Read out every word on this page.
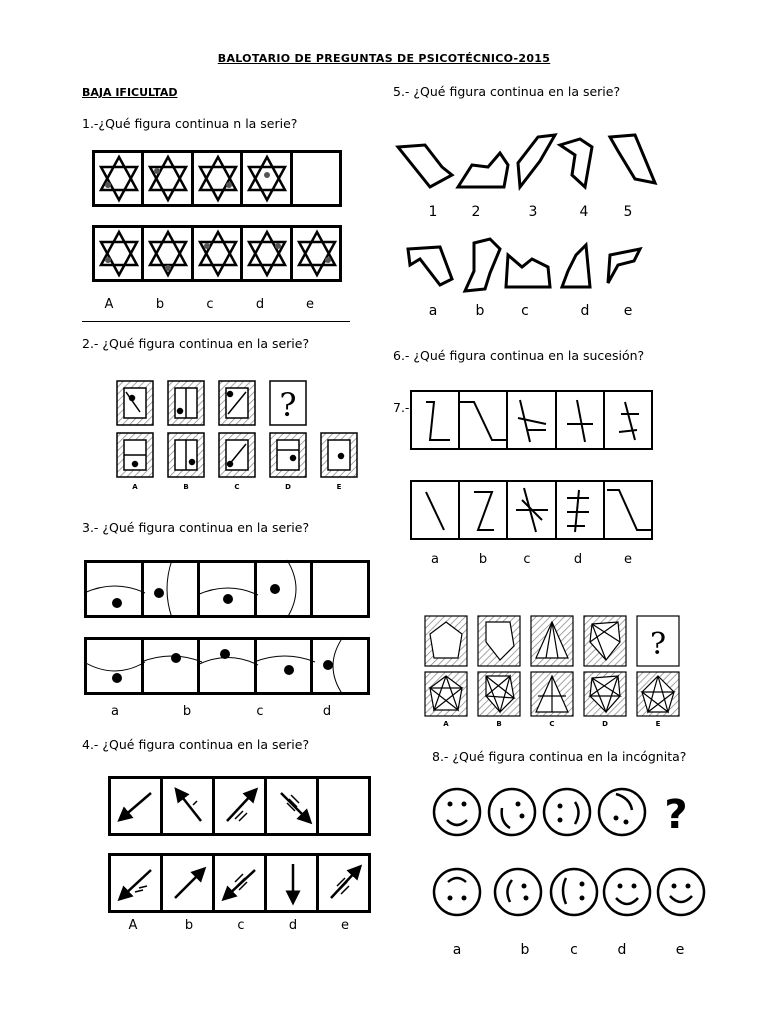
BALOTARIO DE PREGUNTAS DE PSICOTÉCNICO-2015
BAJA IFICULTAD
1.-¿Qué figura continua n la serie?
A	b	c	d	e
2.- ¿Qué figura continua en la serie?
?
A	B	C	D	E
3.- ¿Qué figura continua en la serie?
a	b	c	d
4.- ¿Qué figura continua en la serie?
A	b	c	d	e
5.- ¿Qué figura continua en la serie?
1 2	3	4	5
a	b	c	d e
6.- ¿Qué figura continua en la sucesión?
7.-
a	b	c	d	e
?
A	B	C	D	E
8.- ¿Qué figura continua en la incógnita?
?
a	b	c	d	e
